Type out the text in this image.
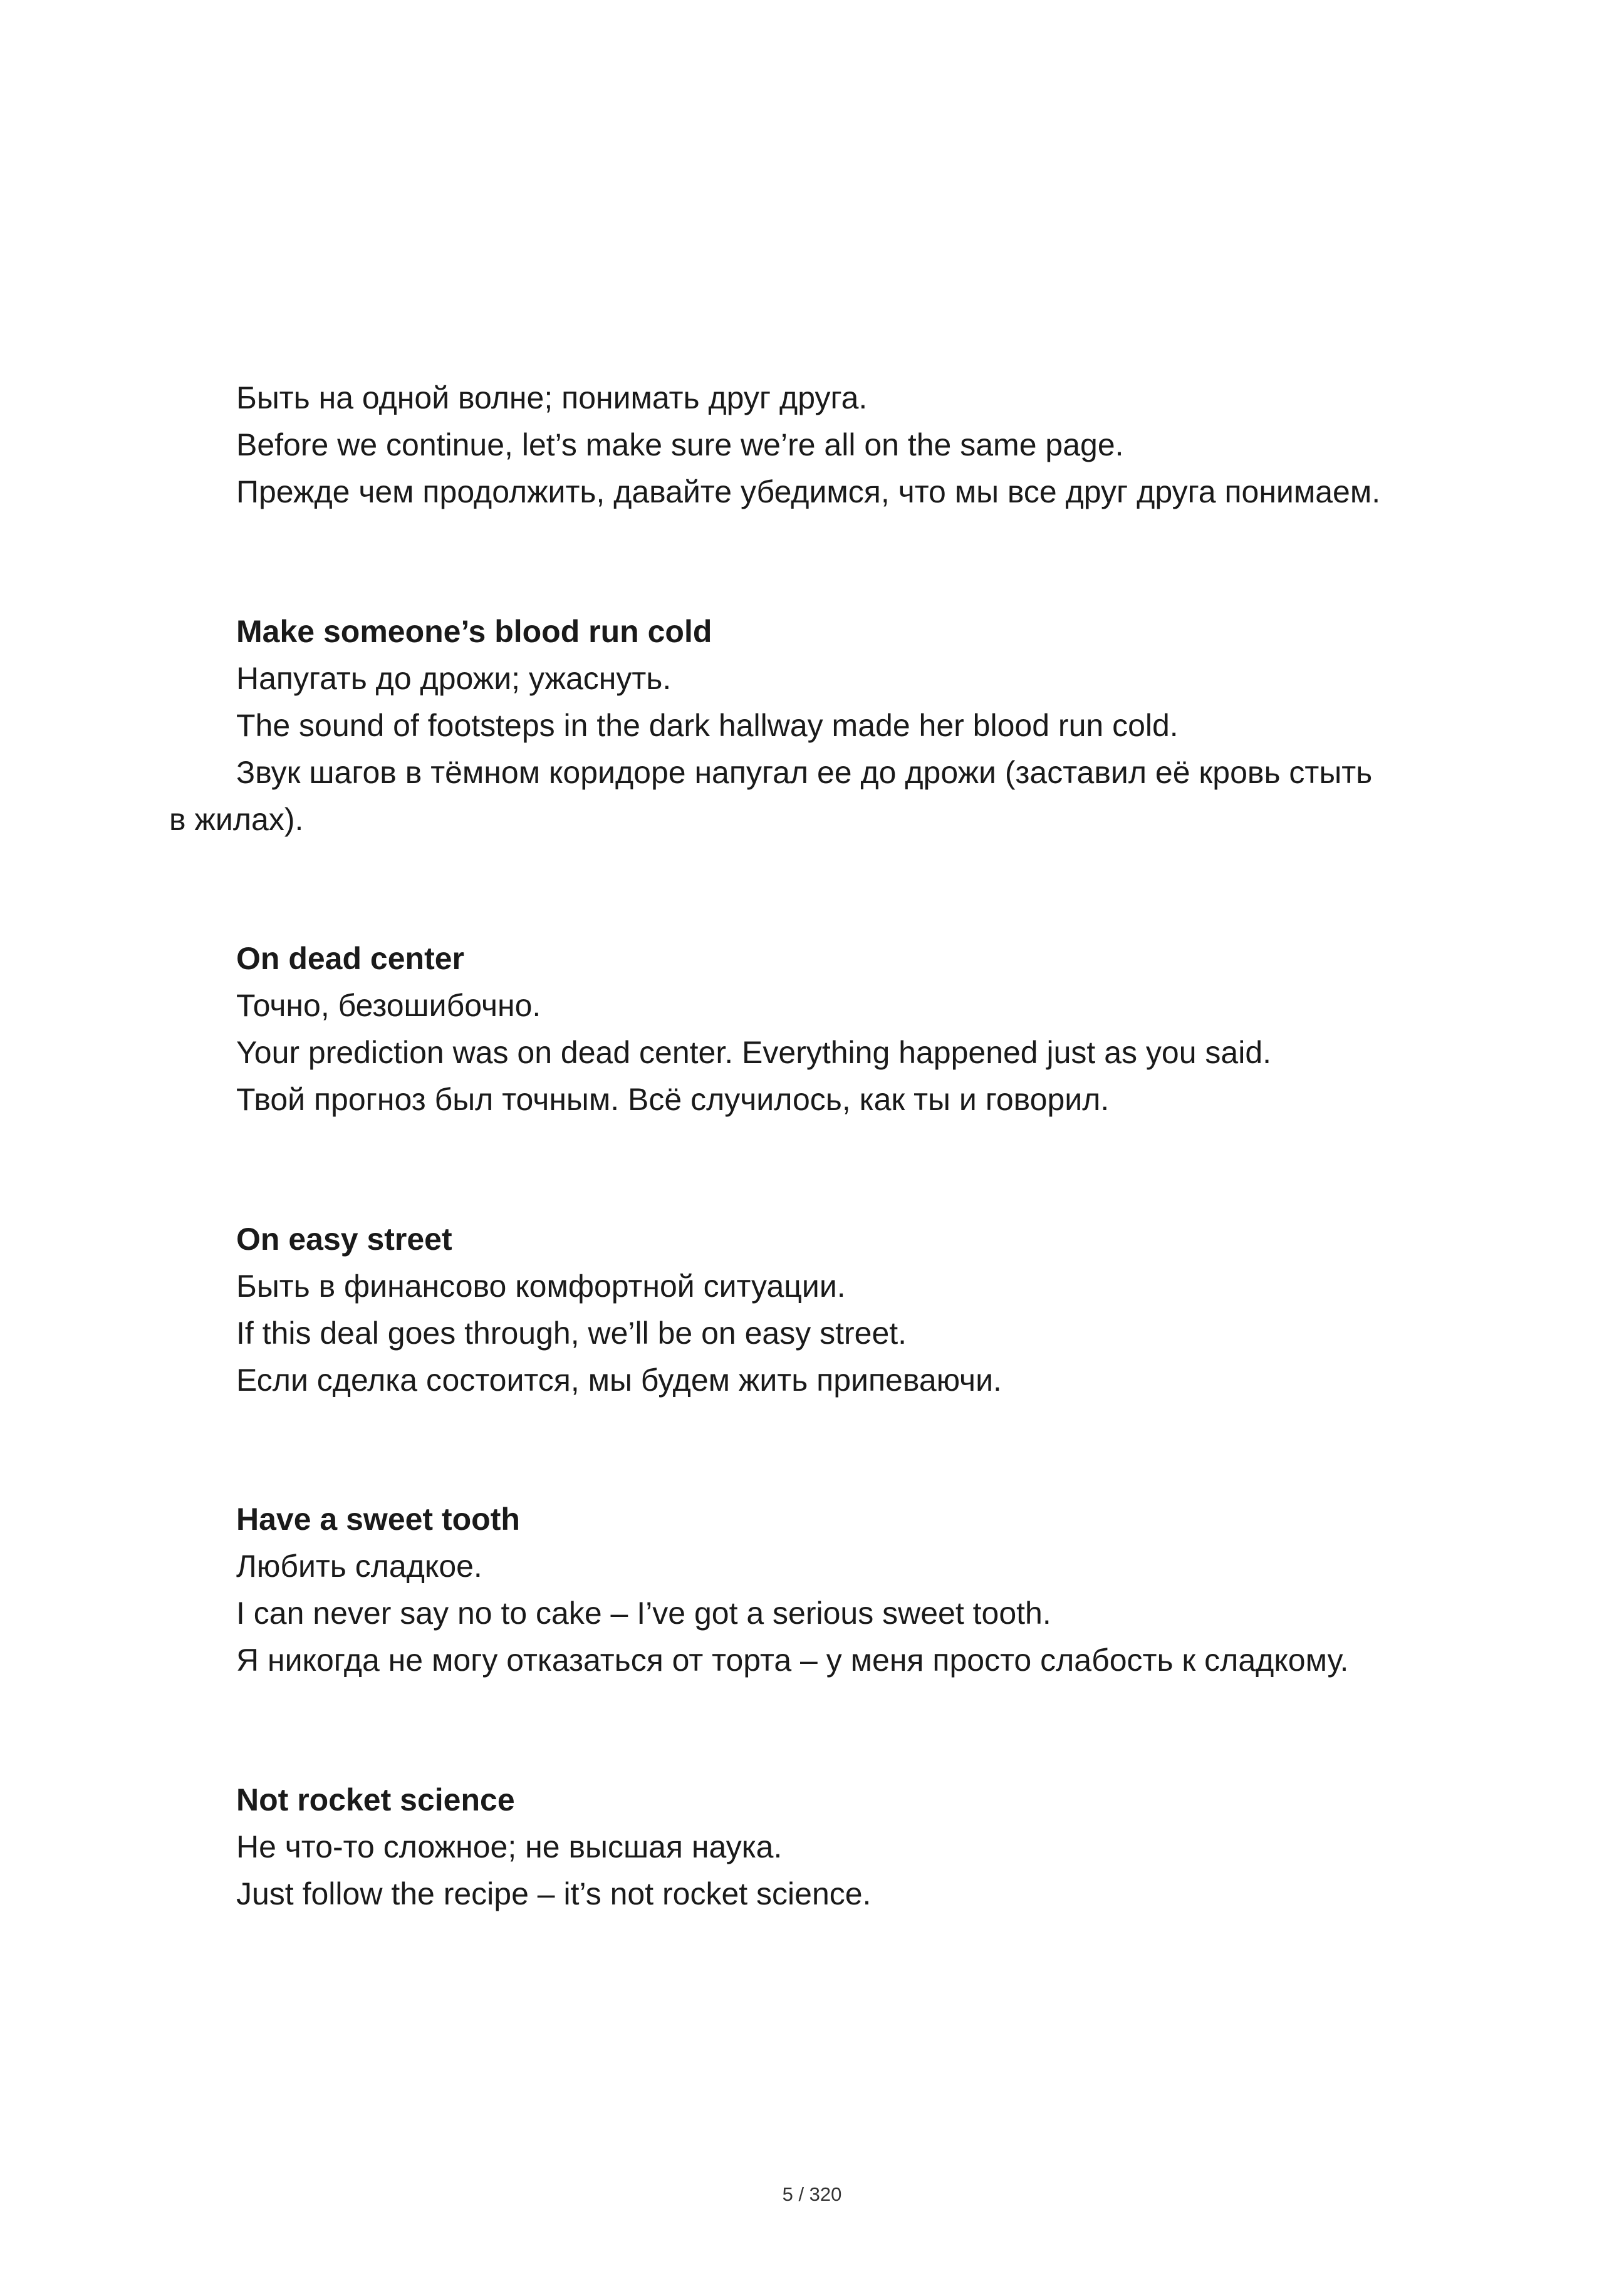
Быть на одной волне; понимать друг друга.

Before we continue, let’s make sure we’re all on the same page.

Прежде чем продолжить, давайте убедимся, что мы все друг друга понимаем.

Make someone’s blood run cold

Напугать до дрожи; ужаснуть.

The sound of footsteps in the dark hallway made her blood run cold.

Звук шагов в тёмном коридоре напугал ее до дрожи (заставил её кровь стыть

в жилах).

On dead center

Точно, безошибочно.

Your prediction was on dead center. Everything happened just as you said.

Твой прогноз был точным. Всё случилось, как ты и говорил.

On easy street

Быть в финансово комфортной ситуации.

If this deal goes through, we’ll be on easy street.

Если сделка состоится, мы будем жить припеваючи.

Have a sweet tooth

Любить сладкое.

I can never say no to cake – I’ve got a serious sweet tooth.

Я никогда не могу отказаться от торта – у меня просто слабость к сладкому.

Not rocket science

Не что-то сложное; не высшая наука.

Just follow the recipe – it’s not rocket science.

5 / 320
